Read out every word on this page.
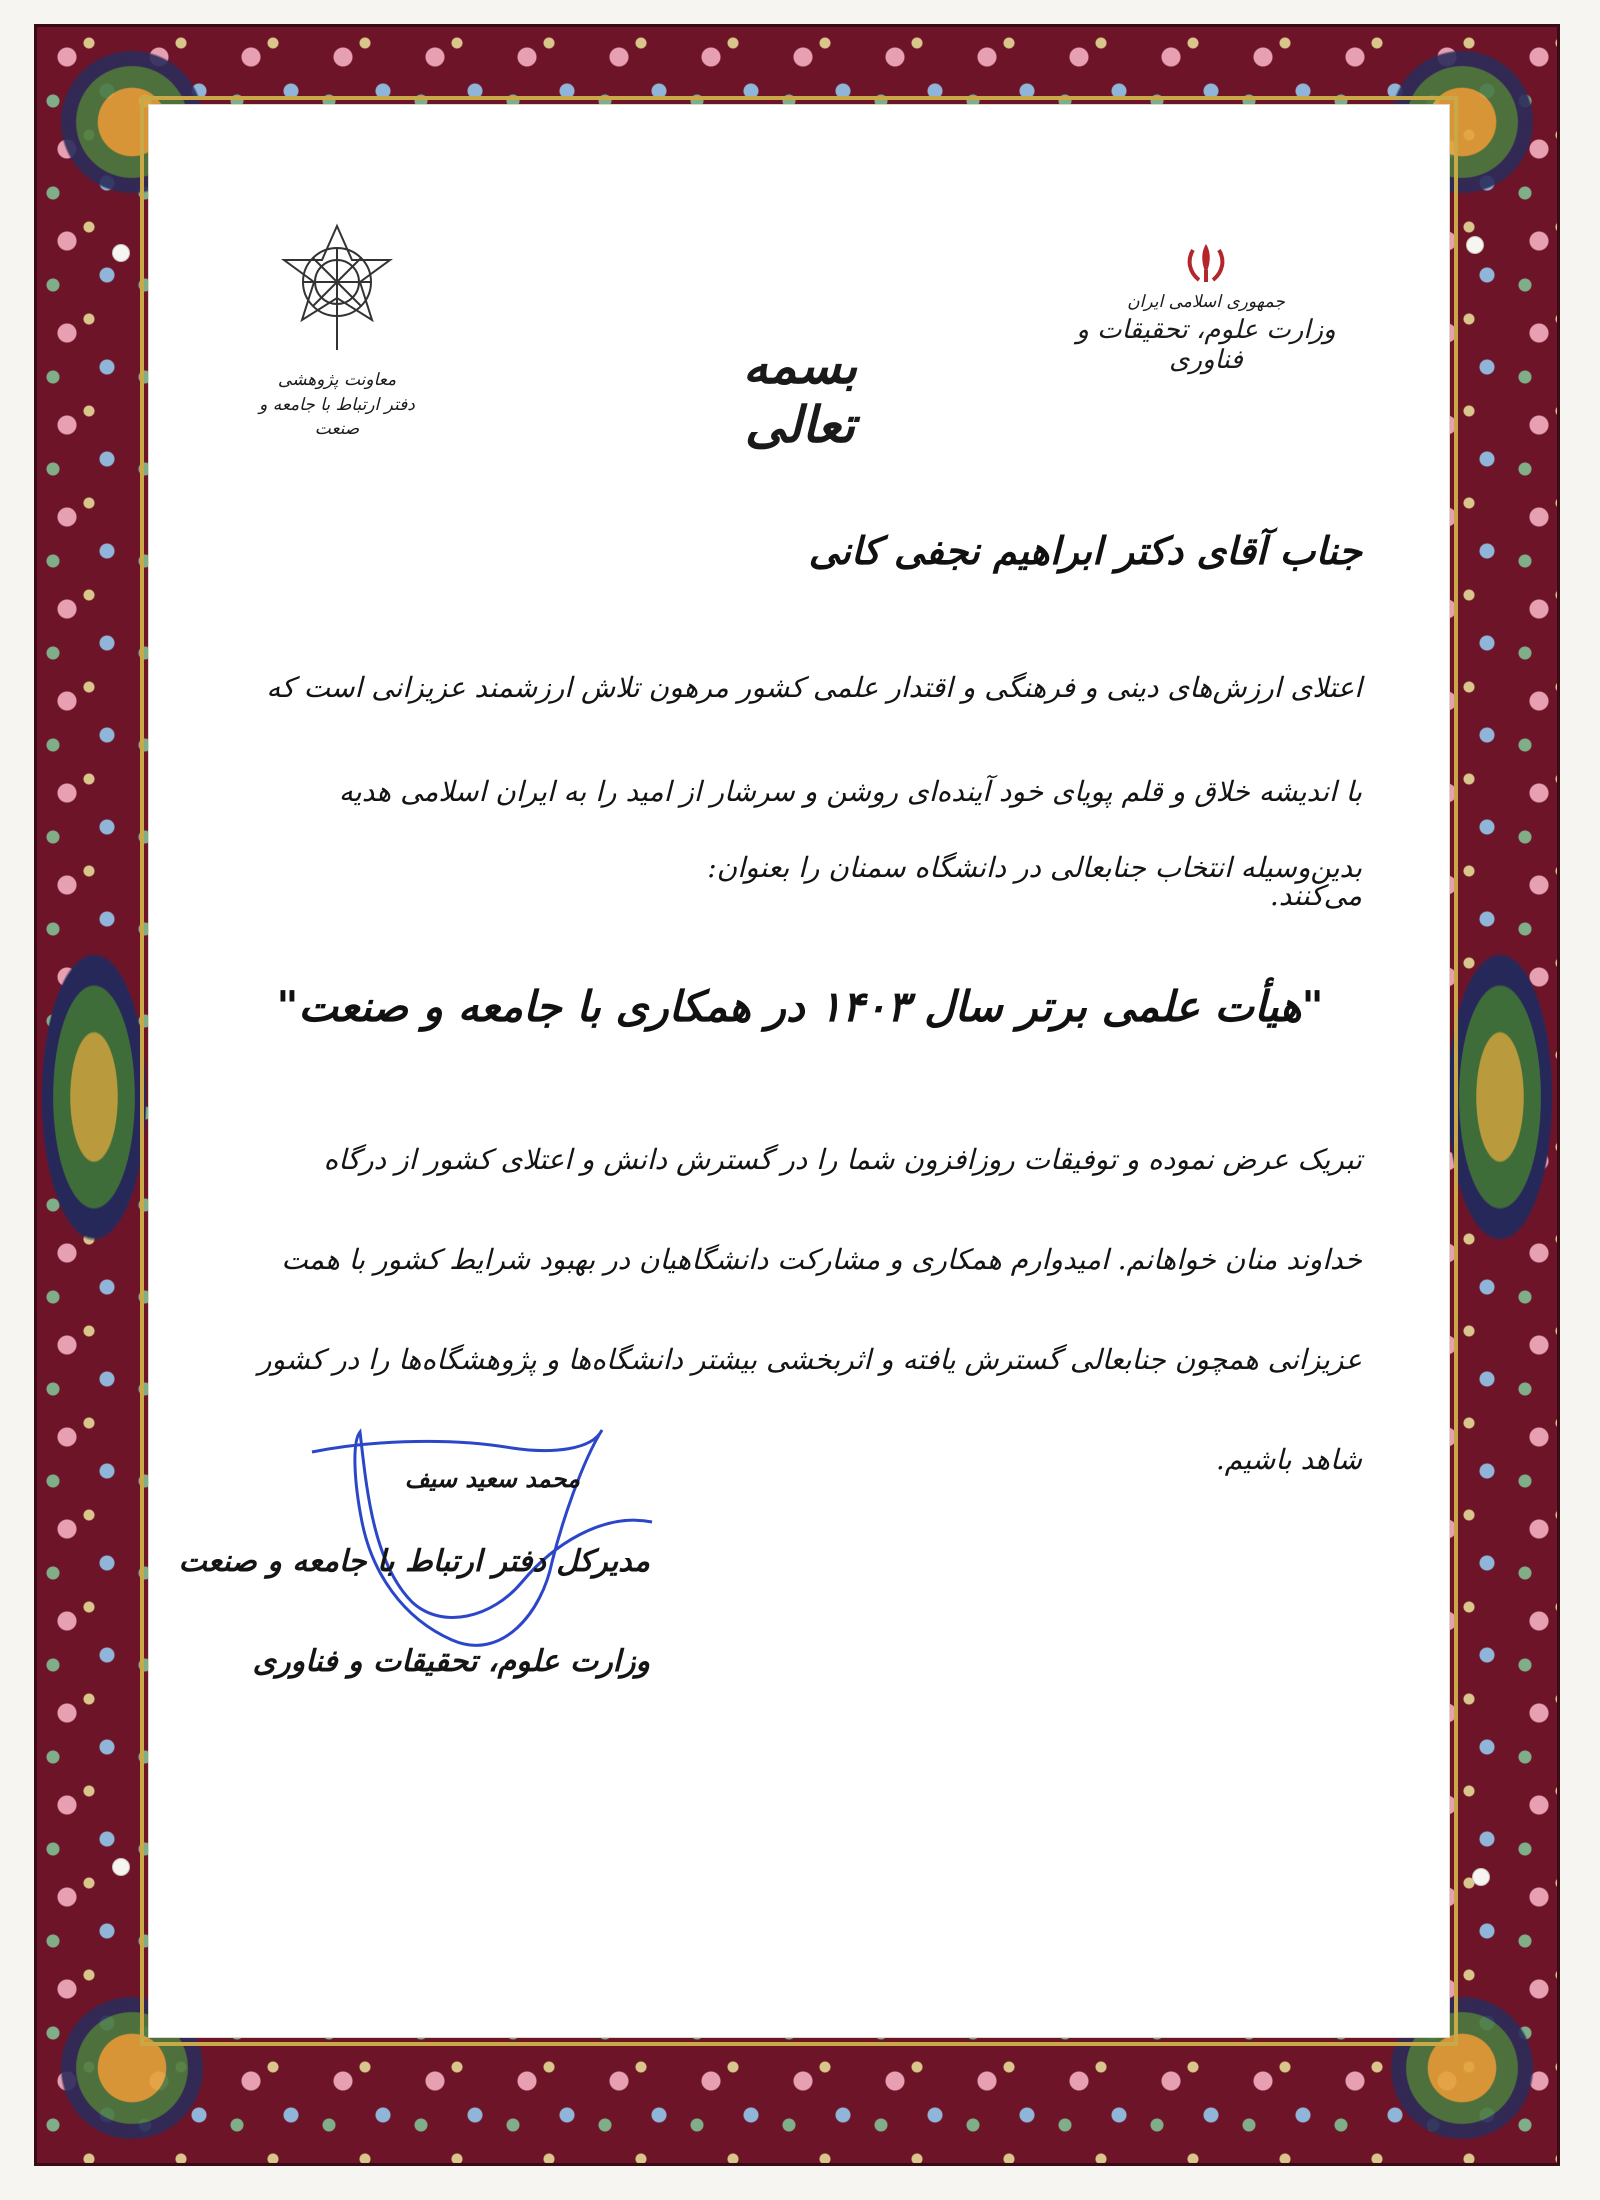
جمهوری اسلامی ایران
وزارت علوم، تحقیقات و فناوری
معاونت پژوهشی
دفتر ارتباط با جامعه و صنعت
بسمه تعالی
جناب آقای دکتر ابراهیم نجفی کانی
اعتلای ارزش‌های دینی و فرهنگی و اقتدار علمی کشور مرهون تلاش ارزشمند عزیزانی است که با اندیشه خلاق و قلم پویای خود آینده‌ای روشن و سرشار از امید را به ایران اسلامی هدیه می‌کنند.
بدین‌وسیله انتخاب جنابعالی در دانشگاه سمنان را بعنوان:
"هیأت علمی برتر سال ۱۴۰۳ در همکاری با جامعه و صنعت"
تبریک عرض نموده و توفیقات روزافزون شما را در گسترش دانش و اعتلای کشور از درگاه خداوند منان خواهانم. امیدوارم همکاری و مشارکت دانشگاهیان در بهبود شرایط کشور با همت عزیزانی همچون جنابعالی گسترش یافته و اثربخشی بیشتر دانشگاه‌ها و پژوهشگاه‌ها را در کشور شاهد باشیم.
محمد سعید سیف
مدیرکل دفتر ارتباط با جامعه و صنعت
وزارت علوم، تحقیقات و فناوری
